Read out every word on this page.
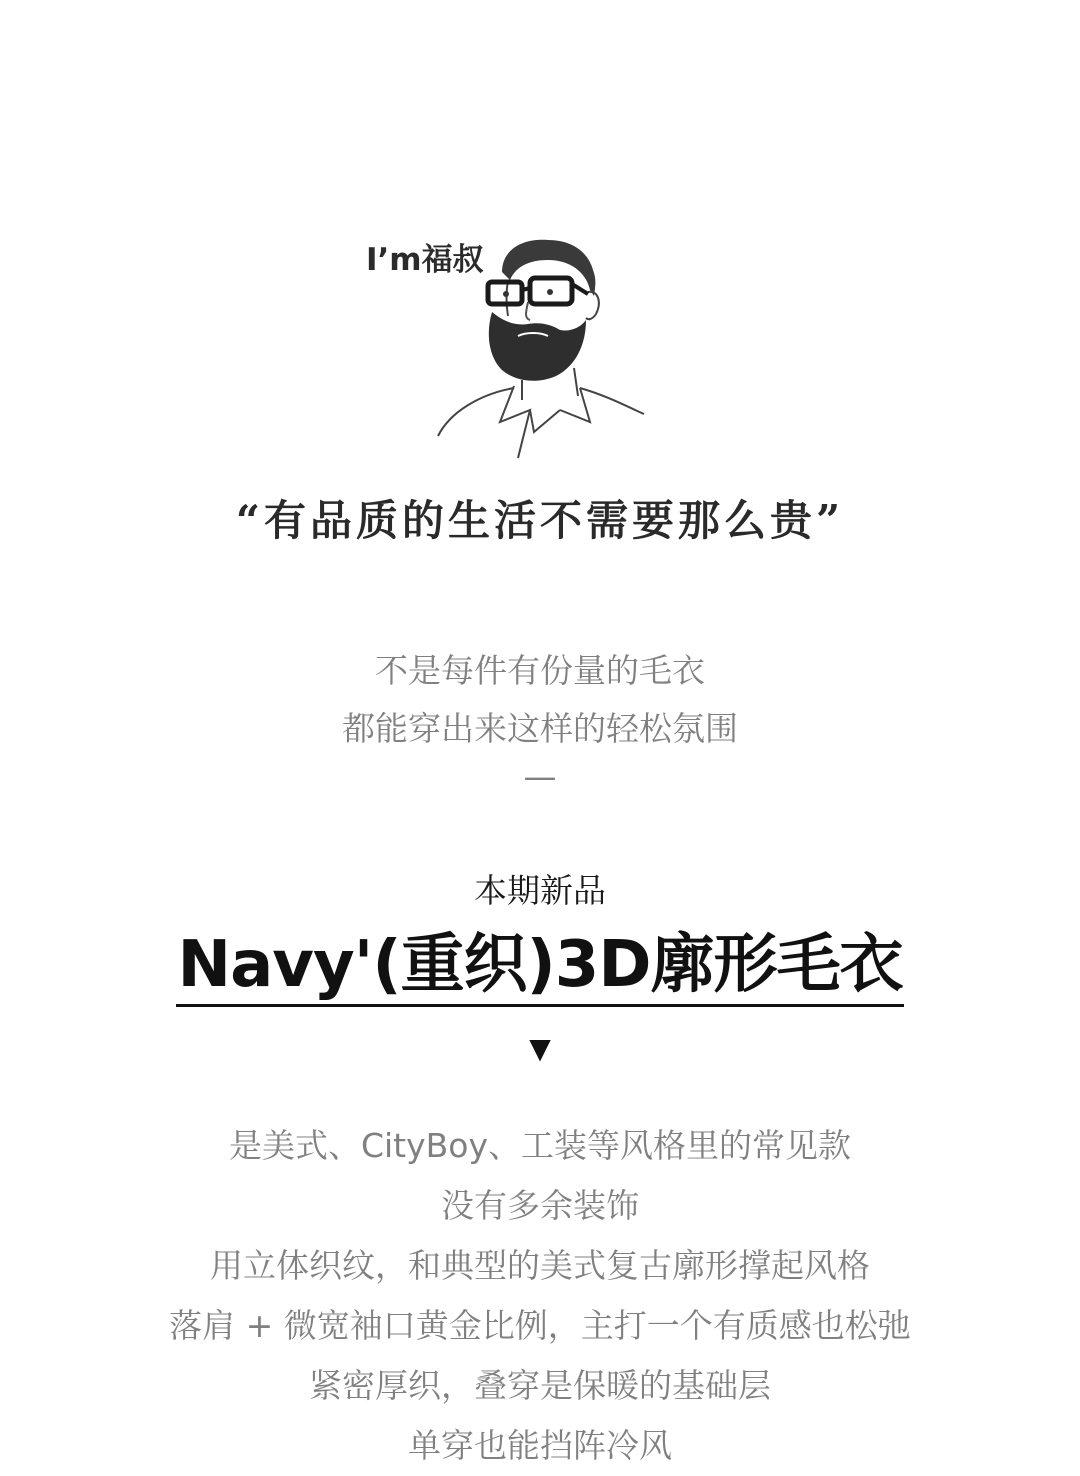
I’m福叔
“有品质的生活不需要那么贵”
不是每件有份量的毛衣
都能穿出来这样的轻松氛围
—
本期新品
Navy'(重织)3D廓形毛衣
▼
是美式、CityBoy、工装等风格里的常见款
没有多余装饰
用立体织纹，和典型的美式复古廓形撑起风格
落肩 + 微宽袖口黄金比例，主打一个有质感也松弛
紧密厚织，叠穿是保暖的基础层
单穿也能挡阵冷风
